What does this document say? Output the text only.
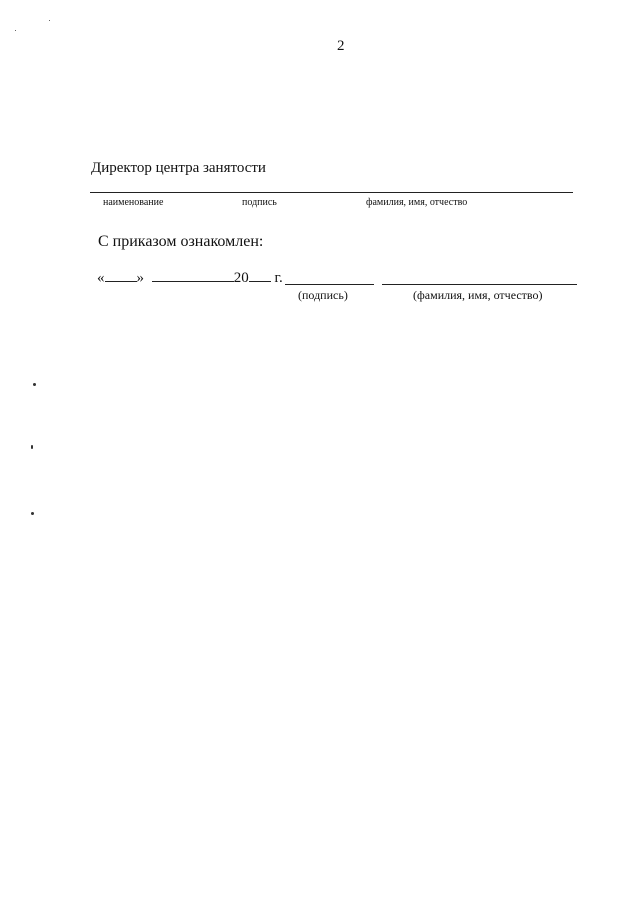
2
Директор центра занятости
наименование	подпись	фамилия, имя, отчество
С приказом ознакомлен:
« »	20 г.
(подпись)	(фамилия, имя, отчество)
